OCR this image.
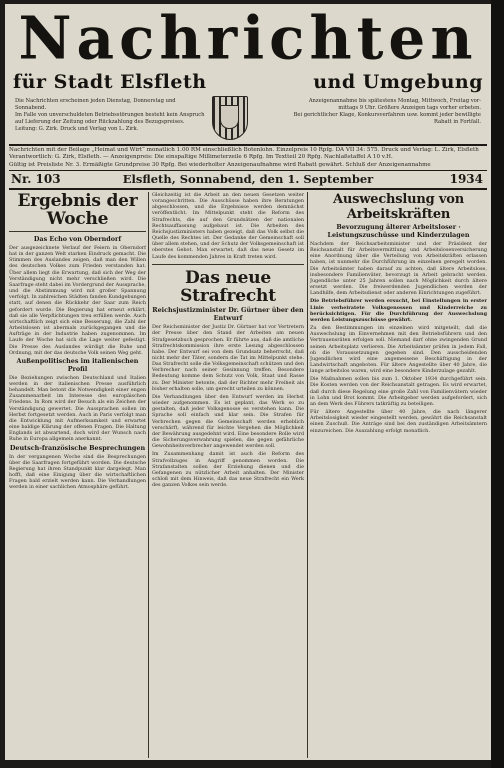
Nachrichten
für Stadt Elsfleth	und Umgebung
Die Nachrichten erscheinen jeden Dienstag, Donnerstag und Sonnabend.
Im Falle von unverschuldeten Betriebsstörungen besteht kein Anspruch
auf Lieferung der Zeitung oder Rückzahlung des Bezugspreises.
Leitung: G. Zirk. Druck und Verlag von L. Zirk.
Anzeigenannahme bis spätestens Montag, Mittwoch, Freitag vor-
mittags 9 Uhr. Größere Anzeigen tags vorher erbeten.
Bei gerichtlicher Klage, Konkursverfahren usw. kommt jeder bewilligte
Rabatt in Fortfall.
Nachrichten mit der Beilage „Heimat und Wirt“ monatlich 1.00 RM einschließlich Botenlohn. Einzelpreis 10 Rpfg. DA VII 34: 575. Druck und Verlag: L. Zirk, Elsfleth
Verantwortlich: G. Zirk, Elsfleth. — Anzeigenpreis: Die einspaltige Millimeterzeile 6 Rpfg. Im Textteil 20 Rpfg. Nachlaßstaffel A 10 v.H.
Gültig ist Preisliste Nr. 3. Ermäßigte Grundpreise 30 Rpfg. Bei wiederholter Anzeigenaufnahme wird Rabatt gewährt. Schluß der Anzeigenannahme
Nr. 103	Elsfleth, Sonnabend, den 1. September	1934
Ergebnis der Woche
Das Echo von Oberndorf

Der ausgezeichnete Verlauf der Feiern in Oberndorf hat in der ganzen Welt starken Eindruck gemacht. Die Stimmen des Auslandes zeigen, daß man den Willen des deutschen Volkes zum Frieden verstanden hat. Über allem liegt die Erwartung, daß sich der Weg der Verständigung nicht mehr verschließen wird. Die Saarfrage steht dabei im Vordergrund der Aussprache, und die Abstimmung wird mit großer Spannung verfolgt. In zahlreichen Städten fanden Kundgebungen statt, auf denen die Rückkehr der Saar zum Reich gefordert wurde. Die Regierung hat erneut erklärt, daß sie alle Verpflichtungen treu erfüllen werde. Auch wirtschaftlich zeigt sich eine Besserung, die Zahl der Arbeitslosen ist abermals zurückgegangen und die Aufträge in der Industrie haben zugenommen. Im Laufe der Woche hat sich die Lage weiter gefestigt. Die Presse des Auslandes würdigt die Ruhe und Ordnung, mit der das deutsche Volk seinen Weg geht.

Außenpolitisches im italienischen Profil

Die Beziehungen zwischen Deutschland und Italien werden in der italienischen Presse ausführlich behandelt. Man betont die Notwendigkeit einer engen Zusammenarbeit im Interesse des europäischen Friedens. In Rom wird der Besuch als ein Zeichen der Verständigung gewertet. Die Aussprachen sollen im Herbst fortgesetzt werden. Auch in Paris verfolgt man die Entwicklung mit Aufmerksamkeit und erwartet eine baldige Klärung der offenen Fragen. Die Haltung Englands ist abwartend, doch wird der Wunsch nach Ruhe in Europa allgemein anerkannt.

Deutsch-französische Besprechungen

In der vergangenen Woche sind die Besprechungen über die Saarfragen fortgeführt worden. Die deutsche Regierung hat ihren Standpunkt klar dargelegt. Man hofft, daß eine Einigung über die wirtschaftlichen Fragen bald erzielt werden kann. Die Verhandlungen werden in einer sachlichen Atmosphäre geführt.

Gleichzeitig ist die Arbeit an den neuen Gesetzen weiter vorangeschritten. Die Ausschüsse haben ihre Beratungen abgeschlossen, und die Ergebnisse werden demnächst veröffentlicht. Im Mittelpunkt steht die Reform des Strafrechts, die auf den Grundsätzen der nationalen Rechtsauffassung aufgebaut ist. Die Arbeiten des Reichsjustizministers haben gezeigt, daß das Volk selbst die Quelle des Rechtes ist. Der Gedanke der Gemeinschaft soll über allem stehen, und der Schutz der Volksgemeinschaft ist oberstes Gebot. Man erwartet, daß das neue Gesetz im Laufe des kommenden Jahres in Kraft treten wird.

Das neue Strafrecht
Reichsjustizminister Dr. Gürtner über den Entwurf

Der Reichsminister der Justiz Dr. Gürtner hat vor Vertretern der Presse über den Stand der Arbeiten am neuen Strafgesetzbuch gesprochen. Er führte aus, daß die amtliche Strafrechtskommission ihre erste Lesung abgeschlossen habe. Der Entwurf sei von dem Grundsatz beherrscht, daß nicht mehr der Täter, sondern die Tat im Mittelpunkt stehe. Das Strafrecht solle die Volksgemeinschaft schützen und den Verbrecher nach seiner Gesinnung treffen. Besondere Bedeutung komme dem Schutz von Volk, Staat und Rasse zu. Der Minister betonte, daß der Richter mehr Freiheit als bisher erhalten solle, um gerecht urteilen zu können.

Die Verhandlungen über den Entwurf werden im Herbst wieder aufgenommen. Es ist geplant, das Werk so zu gestalten, daß jeder Volksgenosse es verstehen kann. Die Sprache soll einfach und klar sein. Die Strafen für Verbrechen gegen die Gemeinschaft werden erheblich verschärft, während für leichte Vergehen die Möglichkeit der Bewährung ausgedehnt wird. Eine besondere Rolle wird die Sicherungsverwahrung spielen, die gegen gefährliche Gewohnheitsverbrecher angewendet werden soll.

Im Zusammenhang damit ist auch die Reform des Strafvollzuges in Angriff genommen worden. Die Strafanstalten sollen der Erziehung dienen und die Gefangenen zu nützlicher Arbeit anhalten. Der Minister schloß mit dem Hinweis, daß das neue Strafrecht ein Werk des ganzen Volkes sein werde.

Auswechslung von Arbeitskräften
Bevorzugung älterer Arbeitsloser · Leistungszuschüsse und Kinderzulagen

Nachdem der Reichsarbeitsminister und der Präsident der Reichsanstalt für Arbeitsvermittlung und Arbeitslosenversicherung eine Anordnung über die Verteilung von Arbeitskräften erlassen haben, ist nunmehr die Durchführung im einzelnen geregelt worden. Die Arbeitsämter haben darauf zu achten, daß ältere Arbeitslose, insbesondere Familienväter, bevorzugt in Arbeit gebracht werden. Jugendliche unter 25 Jahren sollen nach Möglichkeit durch ältere ersetzt werden. Die freiwerdenden Jugendlichen werden der Landhilfe, dem Arbeitsdienst oder anderen Einrichtungen zugeführt.

Die Betriebsführer werden ersucht, bei Einstellungen in erster Linie verheiratete Volksgenossen und Kinderreiche zu berücksichtigen. Für die Durchführung der Auswechslung werden Leistungszuschüsse gewährt.

Zu den Bestimmungen im einzelnen wird mitgeteilt, daß die Auswechslung im Einvernehmen mit den Betriebsführern und den Vertrauensräten erfolgen soll. Niemand darf ohne zwingenden Grund seinen Arbeitsplatz verlieren. Die Arbeitsämter prüfen in jedem Fall, ob die Voraussetzungen gegeben sind. Den ausscheidenden Jugendlichen wird eine angemessene Beschäftigung in der Landwirtschaft angeboten. Für ältere Angestellte über 40 Jahre, die lange arbeitslos waren, wird eine besondere Kinderzulage gezahlt.

Die Maßnahmen sollen bis zum 1. Oktober 1934 durchgeführt sein. Die Kosten werden von der Reichsanstalt getragen. Es wird erwartet, daß durch diese Regelung eine große Zahl von Familienvätern wieder in Lohn und Brot kommt. Die Arbeitgeber werden aufgefordert, sich an dem Werk des Führers tatkräftig zu beteiligen.

Für ältere Angestellte über 40 Jahre, die nach längerer Arbeitslosigkeit wieder eingestellt werden, gewährt die Reichsanstalt einen Zuschuß. Die Anträge sind bei den zuständigen Arbeitsämtern einzureichen. Die Auszahlung erfolgt monatlich.
